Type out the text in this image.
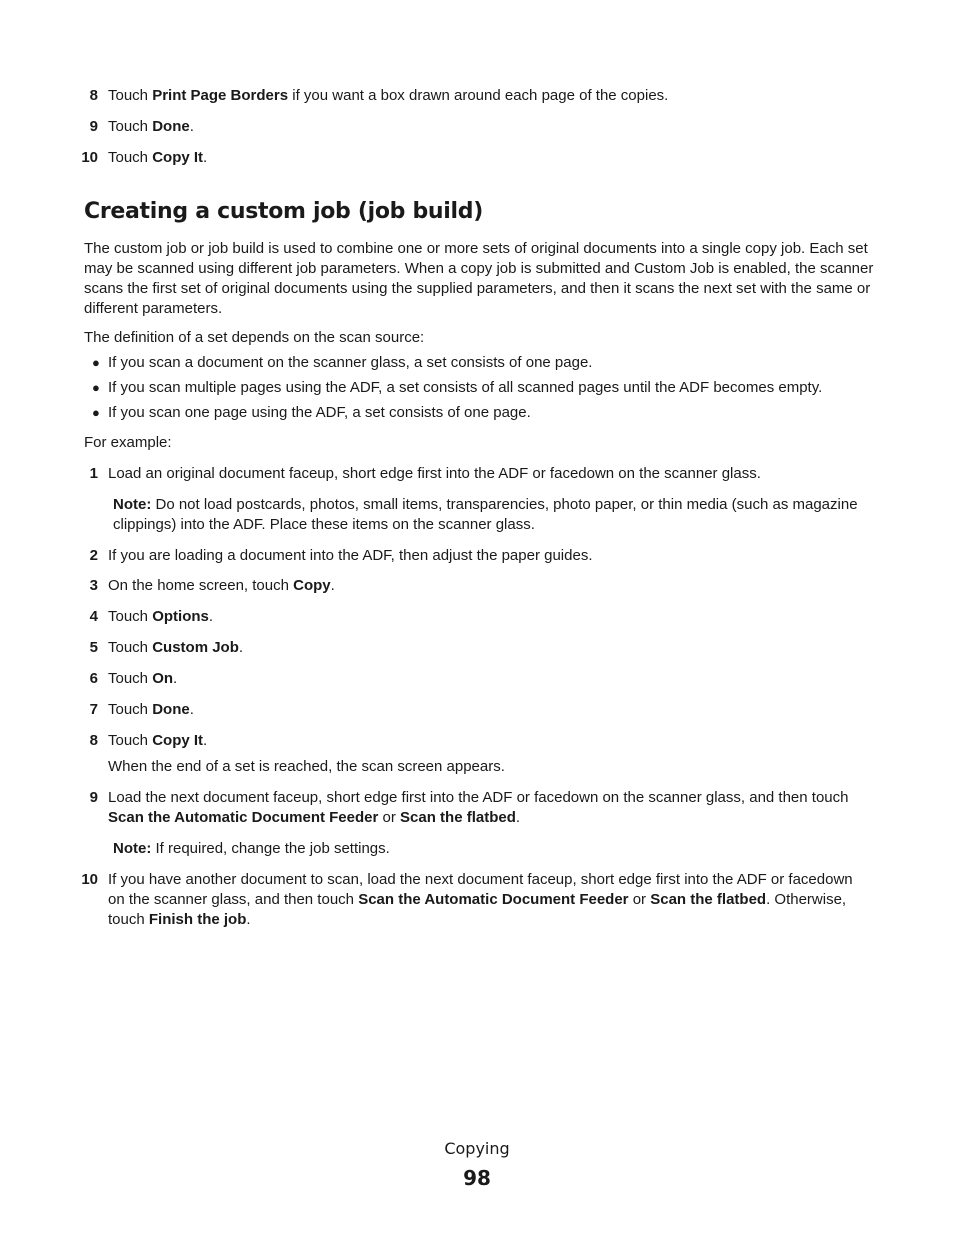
8 Touch Print Page Borders if you want a box drawn around each page of the copies.
9 Touch Done.
10 Touch Copy It.
Creating a custom job (job build)
The custom job or job build is used to combine one or more sets of original documents into a single copy job. Each set may be scanned using different job parameters. When a copy job is submitted and Custom Job is enabled, the scanner scans the first set of original documents using the supplied parameters, and then it scans the next set with the same or different parameters.
The definition of a set depends on the scan source:
● If you scan a document on the scanner glass, a set consists of one page.
● If you scan multiple pages using the ADF, a set consists of all scanned pages until the ADF becomes empty.
● If you scan one page using the ADF, a set consists of one page.
For example:
1 Load an original document faceup, short edge first into the ADF or facedown on the scanner glass.
Note: Do not load postcards, photos, small items, transparencies, photo paper, or thin media (such as magazine clippings) into the ADF. Place these items on the scanner glass.
2 If you are loading a document into the ADF, then adjust the paper guides.
3 On the home screen, touch Copy.
4 Touch Options.
5 Touch Custom Job.
6 Touch On.
7 Touch Done.
8 Touch Copy It.
When the end of a set is reached, the scan screen appears.
9 Load the next document faceup, short edge first into the ADF or facedown on the scanner glass, and then touch Scan the Automatic Document Feeder or Scan the flatbed.
Note: If required, change the job settings.
10 If you have another document to scan, load the next document faceup, short edge first into the ADF or facedown on the scanner glass, and then touch Scan the Automatic Document Feeder or Scan the flatbed. Otherwise, touch Finish the job.
Copying
98
